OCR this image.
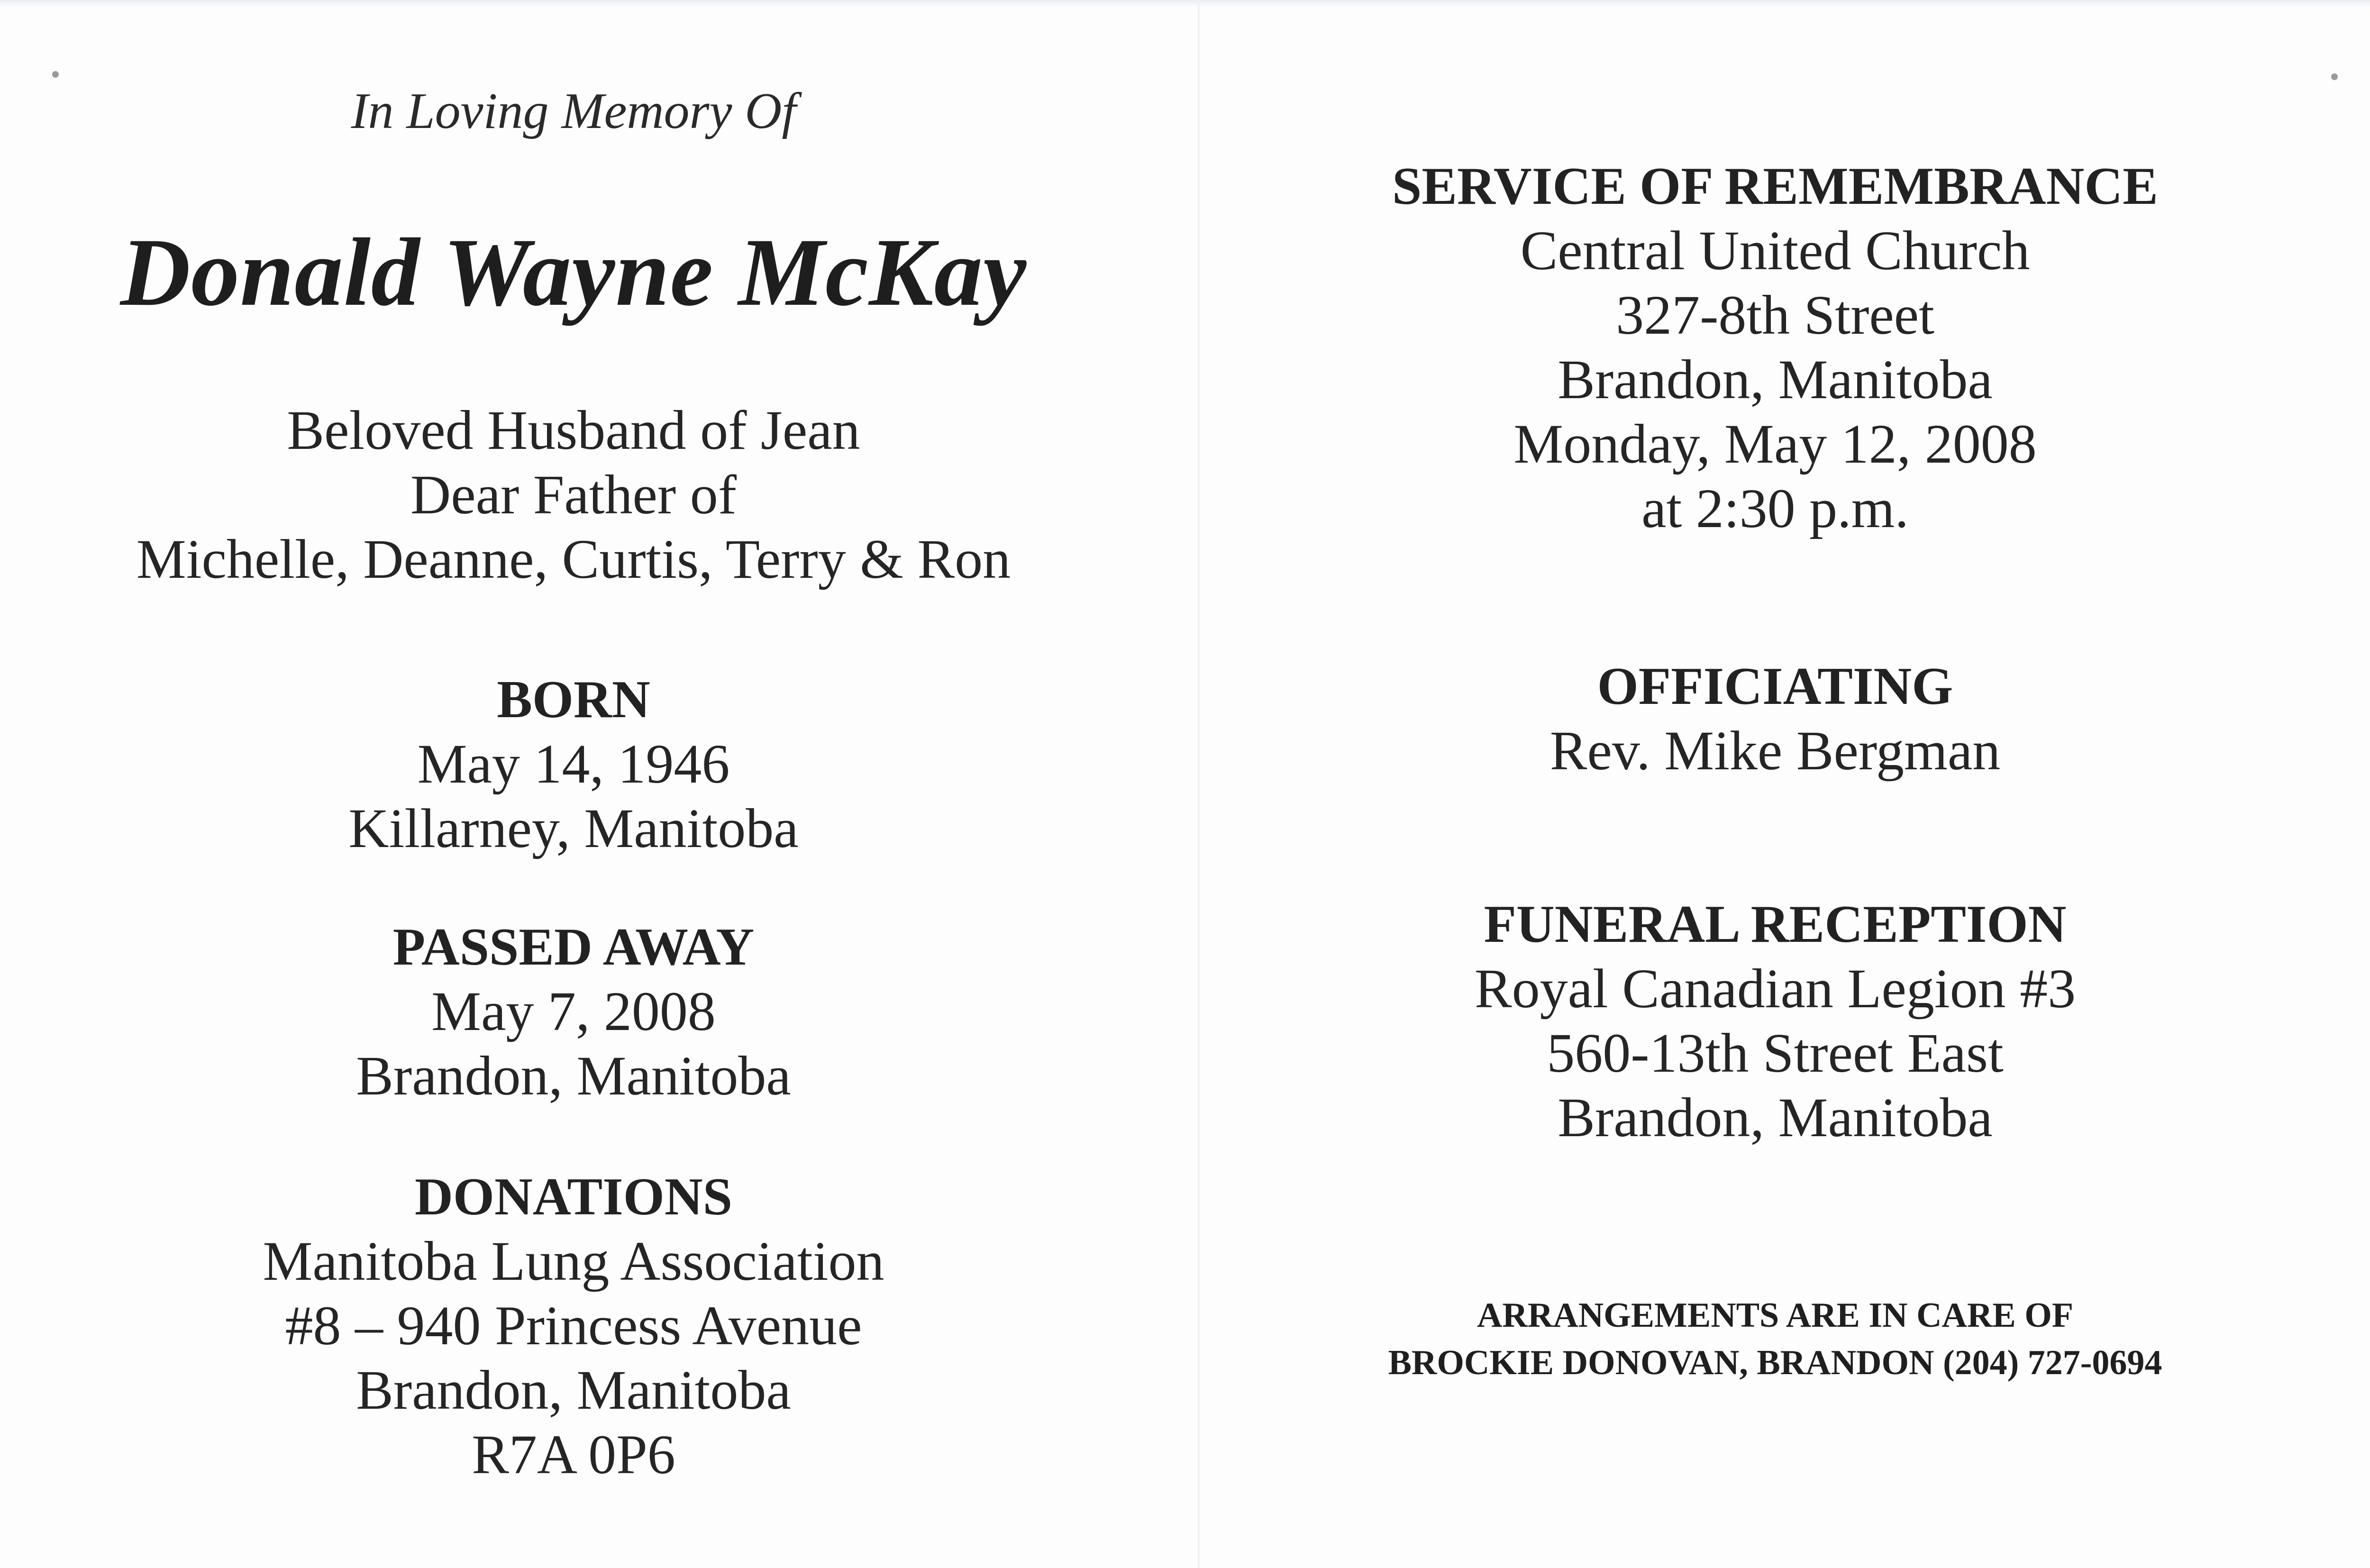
In Loving Memory Of
Donald Wayne McKay
Beloved Husband of Jean
Dear Father of
Michelle, Deanne, Curtis, Terry & Ron
BORN
May 14, 1946
Killarney, Manitoba
PASSED AWAY
May 7, 2008
Brandon, Manitoba
DONATIONS
Manitoba Lung Association
#8 – 940 Princess Avenue
Brandon, Manitoba
R7A 0P6
SERVICE OF REMEMBRANCE
Central United Church
327-8th Street
Brandon, Manitoba
Monday, May 12, 2008
at 2:30 p.m.
OFFICIATING
Rev. Mike Bergman
FUNERAL RECEPTION
Royal Canadian Legion #3
560-13th Street East
Brandon, Manitoba
ARRANGEMENTS ARE IN CARE OF
BROCKIE DONOVAN, BRANDON (204) 727-0694
